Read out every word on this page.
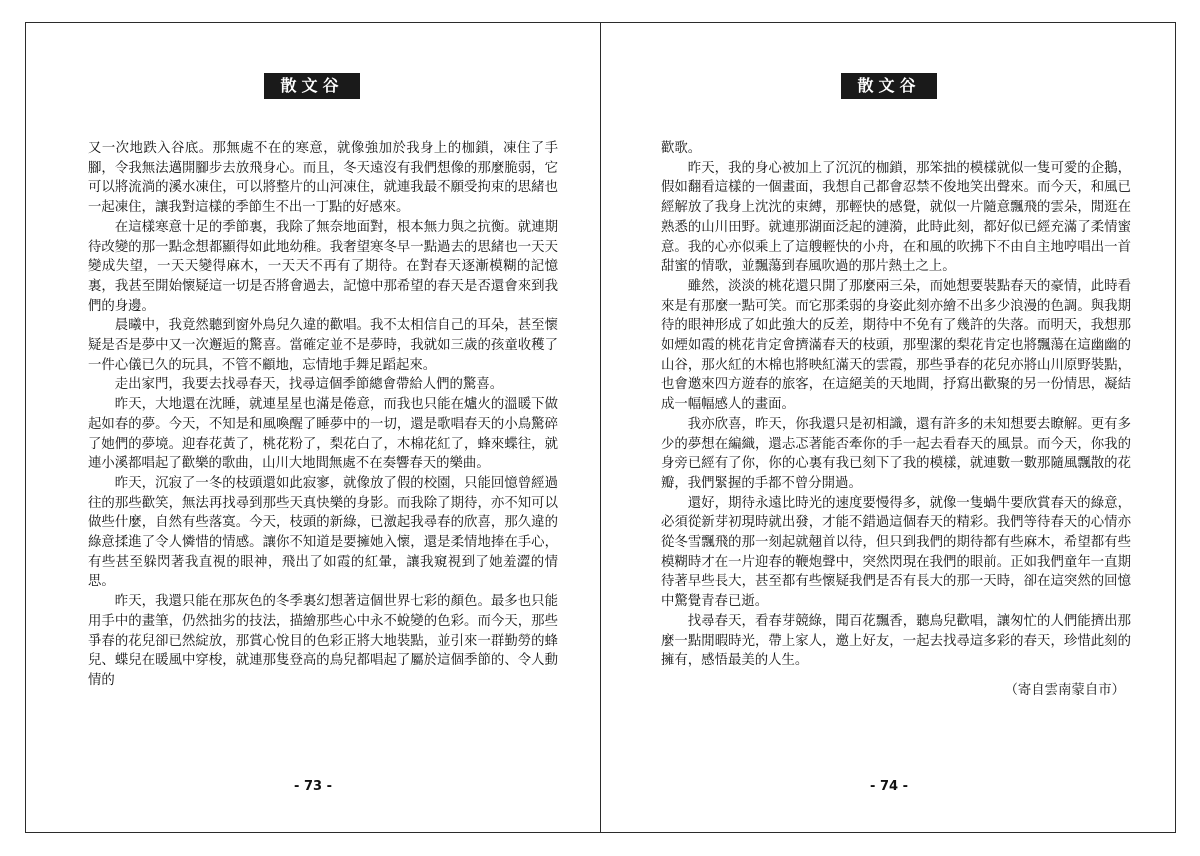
散文谷

又一次地跌入谷底。那無處不在的寒意，就像強加於我身上的枷鎖，凍住了手腳，令我無法邁開腳步去放飛身心。而且，冬天遠沒有我們想像的那麼脆弱，它可以將流淌的溪水凍住，可以將整片的山河凍住，就連我最不願受拘束的思緒也一起凍住，讓我對這樣的季節生不出一丁點的好感來。

在這樣寒意十足的季節裏，我除了無奈地面對，根本無力與之抗衡。就連期待改變的那一點念想都顯得如此地幼稚。我奢望寒冬早一點過去的思緒也一天天變成失望，一天天變得麻木，一天天不再有了期待。在對春天逐漸模糊的記憶裏，我甚至開始懷疑這一切是否將會過去，記憶中那希望的春天是否還會來到我們的身邊。

晨曦中，我竟然聽到窗外鳥兒久違的歡唱。我不太相信自己的耳朵，甚至懷疑是否是夢中又一次邂逅的驚喜。當確定並不是夢時，我就如三歲的孩童收穫了一件心儀已久的玩具，不管不顧地，忘情地手舞足蹈起來。

走出家門，我要去找尋春天，找尋這個季節總會帶給人們的驚喜。

昨天，大地還在沈睡，就連星星也滿是倦意，而我也只能在爐火的溫暖下做起如春的夢。今天，不知是和風喚醒了睡夢中的一切，還是歌唱春天的小鳥驚碎了她們的夢境。迎春花黃了，桃花粉了，梨花白了，木棉花紅了，蜂來蝶往，就連小溪都唱起了歡樂的歌曲，山川大地間無處不在奏響春天的樂曲。

昨天，沉寂了一冬的枝頭還如此寂寥，就像放了假的校園，只能回憶曾經過往的那些歡笑，無法再找尋到那些天真快樂的身影。而我除了期待，亦不知可以做些什麼，自然有些落寞。今天，枝頭的新綠，已激起我尋春的欣喜，那久違的綠意揉進了令人憐惜的情感。讓你不知道是要擁她入懷，還是柔情地捧在手心，有些甚至躲閃著我直視的眼神，飛出了如霞的紅暈，讓我窺視到了她羞澀的情思。

昨天，我還只能在那灰色的冬季裏幻想著這個世界七彩的顏色。最多也只能用手中的畫筆，仍然拙劣的技法，描繪那些心中永不蛻變的色彩。而今天，那些爭春的花兒卻已然綻放，那賞心悅目的色彩正將大地裝點，並引來一群勤勞的蜂兒、蝶兒在暖風中穿梭，就連那隻登高的鳥兒都唱起了屬於這個季節的、令人動情的

- 73 -
散文谷

歡歌。

昨天，我的身心被加上了沉沉的枷鎖，那笨拙的模樣就似一隻可愛的企鵝，假如翻看這樣的一個畫面，我想自己都會忍禁不俊地笑出聲來。而今天，和風已經解放了我身上沈沈的束縛，那輕快的感覺，就似一片隨意飄飛的雲朵，閒逛在熟悉的山川田野。就連那湖面泛起的漣漪，此時此刻，都好似已經充滿了柔情蜜意。我的心亦似乘上了這艘輕快的小舟，在和風的吹拂下不由自主地哼唱出一首甜蜜的情歌，並飄蕩到春風吹過的那片熱土之上。

雖然，淡淡的桃花還只開了那麼兩三朵，而她想要裝點春天的豪情，此時看來是有那麼一點可笑。而它那柔弱的身姿此刻亦繪不出多少浪漫的色調。與我期待的眼神形成了如此強大的反差，期待中不免有了幾許的失落。而明天，我想那如煙如霞的桃花肯定會擠滿春天的枝頭，那聖潔的梨花肯定也將飄蕩在這幽幽的山谷，那火紅的木棉也將映紅滿天的雲霞，那些爭春的花兒亦將山川原野裝點，也會邀來四方遊春的旅客，在這絕美的天地間，抒寫出歡聚的另一份情思，凝結成一幅幅感人的畫面。

我亦欣喜，昨天，你我還只是初相識，還有許多的未知想要去瞭解。更有多少的夢想在編織，還忐忑著能否牽你的手一起去看春天的風景。而今天，你我的身旁已經有了你，你的心裏有我已刻下了我的模樣，就連數一數那隨風飄散的花瓣，我們緊握的手都不曾分開過。

還好，期待永遠比時光的速度要慢得多，就像一隻蝸牛要欣賞春天的綠意，必須從新芽初現時就出發，才能不錯過這個春天的精彩。我們等待春天的心情亦從冬雪飄飛的那一刻起就翹首以待，但只到我們的期待都有些麻木，希望都有些模糊時才在一片迎春的鞭炮聲中，突然閃現在我們的眼前。正如我們童年一直期待著早些長大，甚至都有些懷疑我們是否有長大的那一天時，卻在這突然的回憶中驚覺青春已逝。

找尋春天，看春芽競綠，聞百花飄香，聽鳥兒歡唱，讓匆忙的人們能擠出那麼一點閒暇時光，帶上家人，邀上好友，一起去找尋這多彩的春天，珍惜此刻的擁有，感悟最美的人生。

（寄自雲南蒙自市）

- 74 -
